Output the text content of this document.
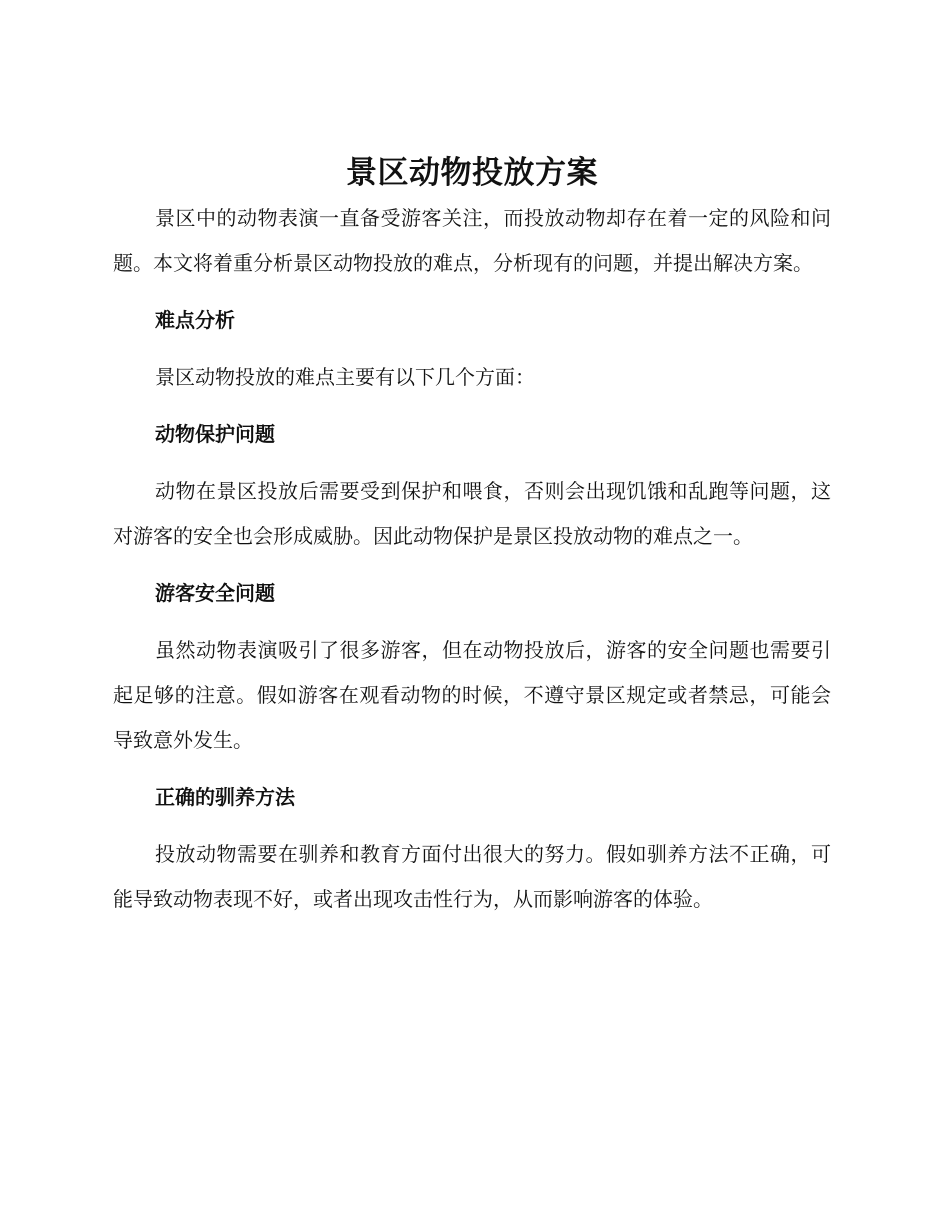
景区动物投放方案

景区中的动物表演一直备受游客关注，而投放动物却存在着一定的风险和问题。本文将着重分析景区动物投放的难点，分析现有的问题，并提出解决方案。

难点分析

景区动物投放的难点主要有以下几个方面：

动物保护问题

动物在景区投放后需要受到保护和喂食，否则会出现饥饿和乱跑等问题，这对游客的安全也会形成威胁。因此动物保护是景区投放动物的难点之一。

游客安全问题

虽然动物表演吸引了很多游客，但在动物投放后，游客的安全问题也需要引起足够的注意。假如游客在观看动物的时候，不遵守景区规定或者禁忌，可能会导致意外发生。

正确的驯养方法

投放动物需要在驯养和教育方面付出很大的努力。假如驯养方法不正确，可能导致动物表现不好，或者出现攻击性行为，从而影响游客的体验。
